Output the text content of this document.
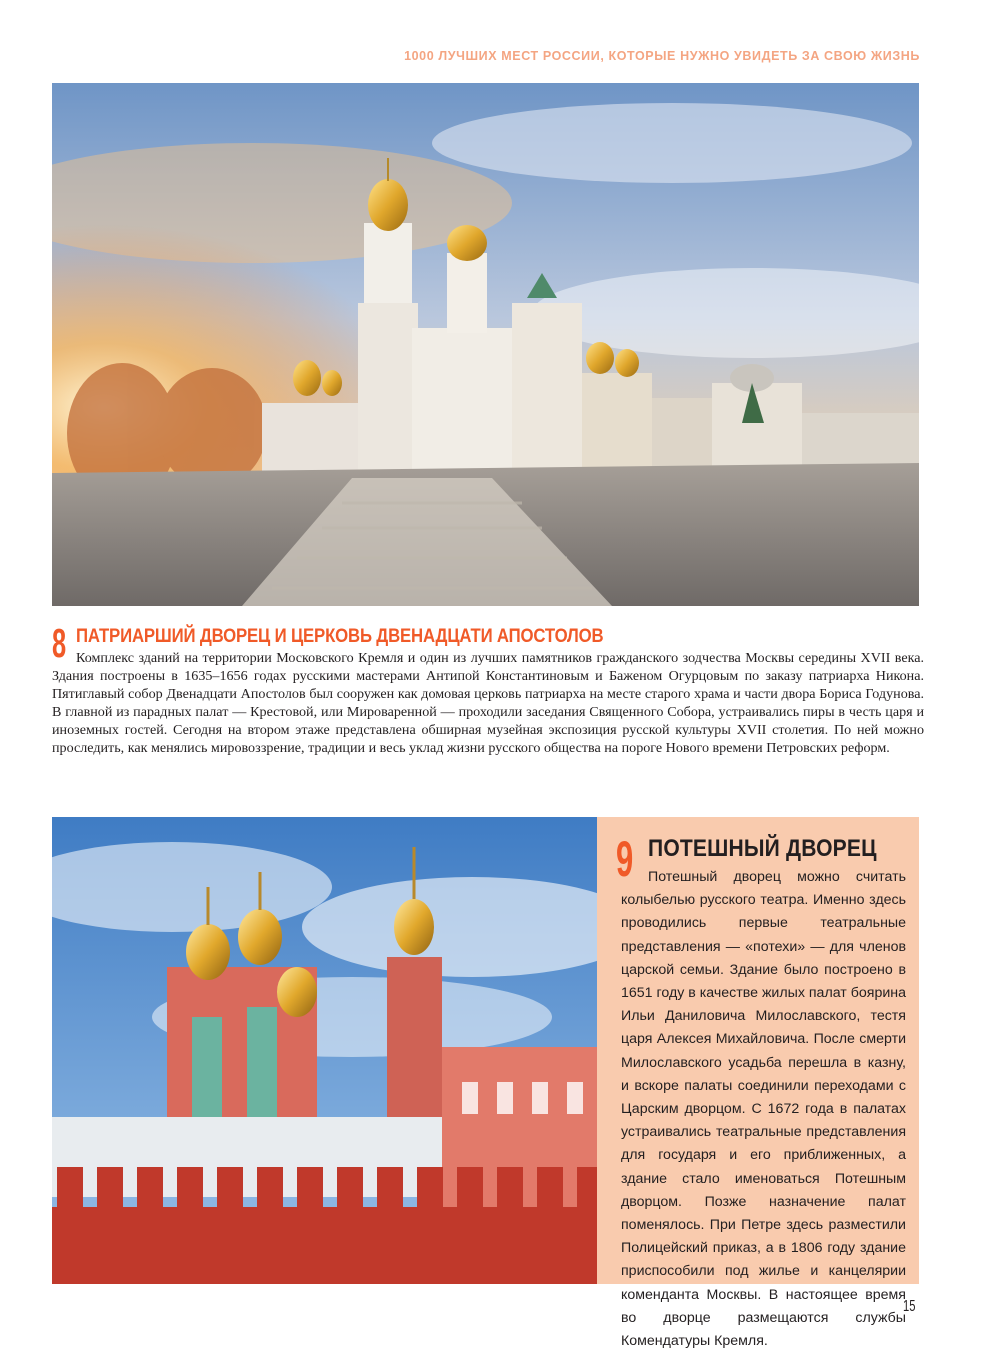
1000 ЛУЧШИХ МЕСТ РОССИИ, КОТОРЫЕ НУЖНО УВИДЕТЬ ЗА СВОЮ ЖИЗНЬ
8 ПАТРИАРШИЙ ДВОРЕЦ И ЦЕРКОВЬ ДВЕНАДЦАТИ АПОСТОЛОВ
Комплекс зданий на территории Московского Кремля и один из лучших памятников гражданского зодчества Москвы середины XVII века. Здания построены в 1635–1656 годах русскими мастерами Антипой Константиновым и Баженом Огурцовым по заказу патриарха Никона. Пятиглавый собор Двенадцати Апостолов был сооружен как домовая церковь патриарха на месте старого храма и части двора Бориса Годунова. В главной из парадных палат — Крестовой, или Мироваренной — проходили заседания Священного Собора, устраивались пиры в честь царя и иноземных гостей. Сегодня на втором этаже представлена обширная музейная экспозиция русской культуры XVII столетия. По ней можно проследить, как менялись мировоззрение, традиции и весь уклад жизни русского общества на пороге Нового времени Петровских реформ.
9 ПОТЕШНЫЙ ДВОРЕЦ
Потешный дворец можно считать колыбелью русского театра. Именно здесь проводились первые театральные представления — «потехи» — для членов царской семьи. Здание было построено в 1651 году в качестве жилых палат боярина Ильи Даниловича Милославского, тестя царя Алексея Михайловича. После смерти Милославского усадьба перешла в казну, и вскоре палаты соединили переходами с Царским дворцом. С 1672 года в палатах устраивались театральные представления для государя и его приближенных, а здание стало именоваться Потешным дворцом. Позже назначение палат поменялось. При Петре здесь разместили Полицейский приказ, а в 1806 году здание приспособили под жилье и канцелярии коменданта Москвы. В настоящее время во дворце размещаются службы Комендатуры Кремля.
15
